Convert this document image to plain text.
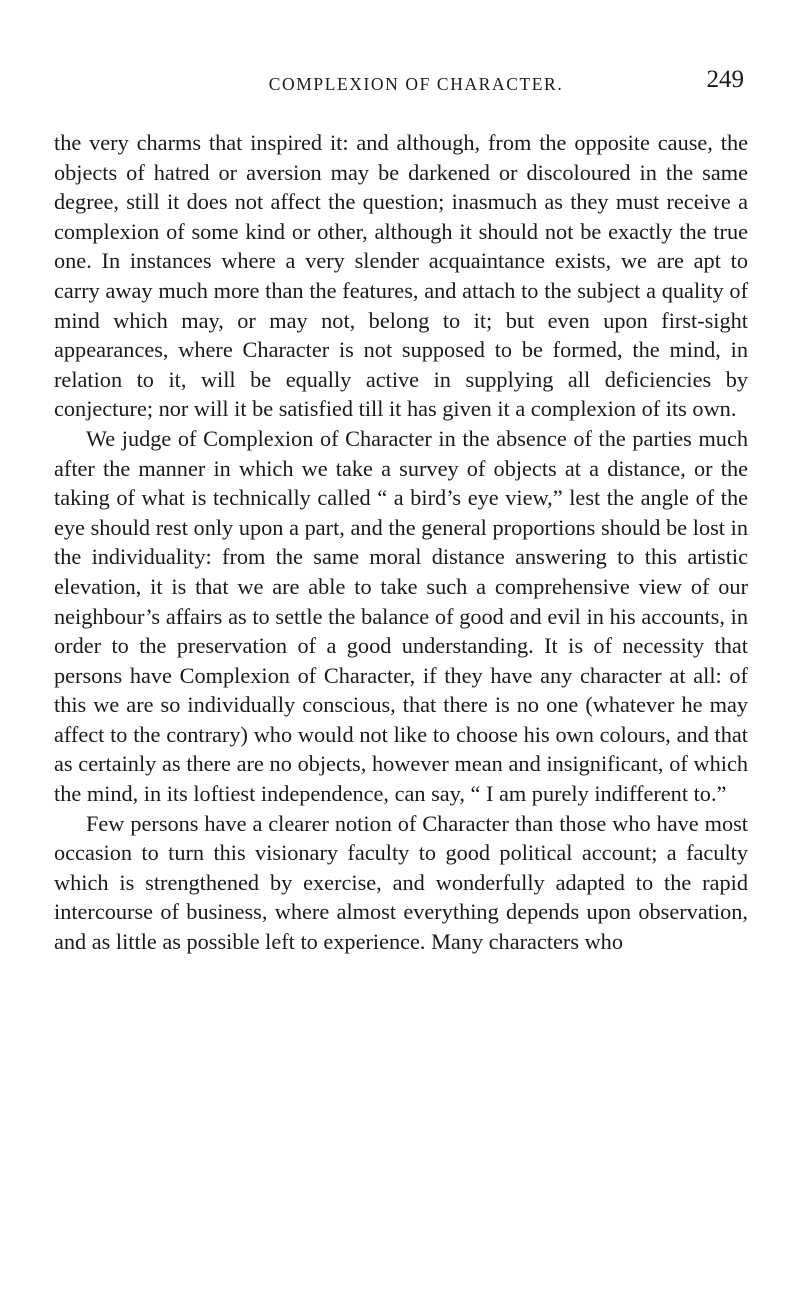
COMPLEXION OF CHARACTER.	249

the very charms that inspired it: and although, from the opposite cause, the objects of hatred or aversion may be darkened or discoloured in the same degree, still it does not affect the question; inasmuch as they must receive a complexion of some kind or other, although it should not be exactly the true one. In instances where a very slender acquaintance exists, we are apt to carry away much more than the features, and attach to the subject a quality of mind which may, or may not, belong to it; but even upon first-sight appearances, where Character is not supposed to be formed, the mind, in relation to it, will be equally active in supplying all deficiencies by conjecture; nor will it be satisfied till it has given it a complexion of its own.

We judge of Complexion of Character in the absence of the parties much after the manner in which we take a survey of objects at a distance, or the taking of what is technically called “ a bird’s eye view,” lest the angle of the eye should rest only upon a part, and the general proportions should be lost in the individuality: from the same moral distance answering to this artistic elevation, it is that we are able to take such a comprehensive view of our neighbour’s affairs as to settle the balance of good and evil in his accounts, in order to the preservation of a good understanding. It is of necessity that persons have Complexion of Character, if they have any character at all: of this we are so individually conscious, that there is no one (whatever he may affect to the contrary) who would not like to choose his own colours, and that as certainly as there are no objects, however mean and insignificant, of which the mind, in its loftiest independence, can say, “ I am purely indifferent to.”

Few persons have a clearer notion of Character than those who have most occasion to turn this visionary faculty to good political account; a faculty which is strengthened by exercise, and wonderfully adapted to the rapid intercourse of business, where almost everything depends upon observation, and as little as possible left to experience. Many characters who
